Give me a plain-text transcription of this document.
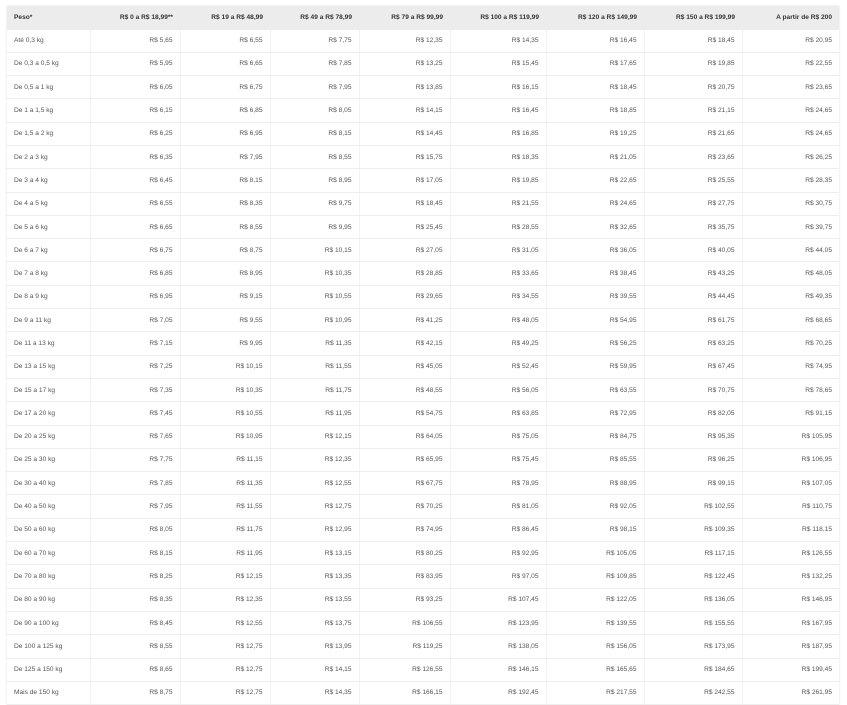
Peso*	R$ 0 a R$ 18,99**	R$ 19 a R$ 48,99	R$ 49 a R$ 78,99	R$ 79 a R$ 99,99	R$ 100 a R$ 119,99	R$ 120 a R$ 149,99	R$ 150 a R$ 199,99	A partir de R$ 200
Até 0,3 kg	R$ 5,65	R$ 6,55	R$ 7,75	R$ 12,35	R$ 14,35	R$ 16,45	R$ 18,45	R$ 20,95
De 0,3 a 0,5 kg	R$ 5,95	R$ 6,65	R$ 7,85	R$ 13,25	R$ 15,45	R$ 17,65	R$ 19,85	R$ 22,55
De 0,5 a 1 kg	R$ 6,05	R$ 6,75	R$ 7,95	R$ 13,85	R$ 16,15	R$ 18,45	R$ 20,75	R$ 23,65
De 1 a 1,5 kg	R$ 6,15	R$ 6,85	R$ 8,05	R$ 14,15	R$ 16,45	R$ 18,85	R$ 21,15	R$ 24,65
De 1,5 a 2 kg	R$ 6,25	R$ 6,95	R$ 8,15	R$ 14,45	R$ 16,85	R$ 19,25	R$ 21,65	R$ 24,65
De 2 a 3 kg	R$ 6,35	R$ 7,95	R$ 8,55	R$ 15,75	R$ 18,35	R$ 21,05	R$ 23,65	R$ 26,25
De 3 a 4 kg	R$ 6,45	R$ 8,15	R$ 8,95	R$ 17,05	R$ 19,85	R$ 22,65	R$ 25,55	R$ 28,35
De 4 a 5 kg	R$ 6,55	R$ 8,35	R$ 9,75	R$ 18,45	R$ 21,55	R$ 24,65	R$ 27,75	R$ 30,75
De 5 a 6 kg	R$ 6,65	R$ 8,55	R$ 9,95	R$ 25,45	R$ 28,55	R$ 32,65	R$ 35,75	R$ 39,75
De 6 a 7 kg	R$ 6,75	R$ 8,75	R$ 10,15	R$ 27,05	R$ 31,05	R$ 36,05	R$ 40,05	R$ 44,05
De 7 a 8 kg	R$ 6,85	R$ 8,95	R$ 10,35	R$ 28,85	R$ 33,65	R$ 38,45	R$ 43,25	R$ 48,05
De 8 a 9 kg	R$ 6,95	R$ 9,15	R$ 10,55	R$ 29,65	R$ 34,55	R$ 39,55	R$ 44,45	R$ 49,35
De 9 a 11 kg	R$ 7,05	R$ 9,55	R$ 10,95	R$ 41,25	R$ 48,05	R$ 54,95	R$ 61,75	R$ 68,65
De 11 a 13 kg	R$ 7,15	R$ 9,95	R$ 11,35	R$ 42,15	R$ 49,25	R$ 56,25	R$ 63,25	R$ 70,25
De 13 a 15 kg	R$ 7,25	R$ 10,15	R$ 11,55	R$ 45,05	R$ 52,45	R$ 59,95	R$ 67,45	R$ 74,95
De 15 a 17 kg	R$ 7,35	R$ 10,35	R$ 11,75	R$ 48,55	R$ 56,05	R$ 63,55	R$ 70,75	R$ 78,65
De 17 a 20 kg	R$ 7,45	R$ 10,55	R$ 11,95	R$ 54,75	R$ 63,85	R$ 72,95	R$ 82,05	R$ 91,15
De 20 a 25 kg	R$ 7,65	R$ 10,95	R$ 12,15	R$ 64,05	R$ 75,05	R$ 84,75	R$ 95,35	R$ 105,95
De 25 a 30 kg	R$ 7,75	R$ 11,15	R$ 12,35	R$ 65,95	R$ 75,45	R$ 85,55	R$ 96,25	R$ 106,95
De 30 a 40 kg	R$ 7,85	R$ 11,35	R$ 12,55	R$ 67,75	R$ 78,95	R$ 88,95	R$ 99,15	R$ 107,05
De 40 a 50 kg	R$ 7,95	R$ 11,55	R$ 12,75	R$ 70,25	R$ 81,05	R$ 92,05	R$ 102,55	R$ 110,75
De 50 a 60 kg	R$ 8,05	R$ 11,75	R$ 12,95	R$ 74,95	R$ 86,45	R$ 98,15	R$ 109,35	R$ 118,15
De 60 a 70 kg	R$ 8,15	R$ 11,95	R$ 13,15	R$ 80,25	R$ 92,95	R$ 105,05	R$ 117,15	R$ 126,55
De 70 a 80 kg	R$ 8,25	R$ 12,15	R$ 13,35	R$ 83,95	R$ 97,05	R$ 109,85	R$ 122,45	R$ 132,25
De 80 a 90 kg	R$ 8,35	R$ 12,35	R$ 13,55	R$ 93,25	R$ 107,45	R$ 122,05	R$ 136,05	R$ 146,95
De 90 a 100 kg	R$ 8,45	R$ 12,55	R$ 13,75	R$ 106,55	R$ 123,95	R$ 139,55	R$ 155,55	R$ 167,95
De 100 a 125 kg	R$ 8,55	R$ 12,75	R$ 13,95	R$ 119,25	R$ 138,05	R$ 156,05	R$ 173,95	R$ 187,95
De 125 a 150 kg	R$ 8,65	R$ 12,75	R$ 14,15	R$ 126,55	R$ 146,15	R$ 165,65	R$ 184,65	R$ 199,45
Mais de 150 kg	R$ 8,75	R$ 12,75	R$ 14,35	R$ 166,15	R$ 192,45	R$ 217,55	R$ 242,55	R$ 261,95
